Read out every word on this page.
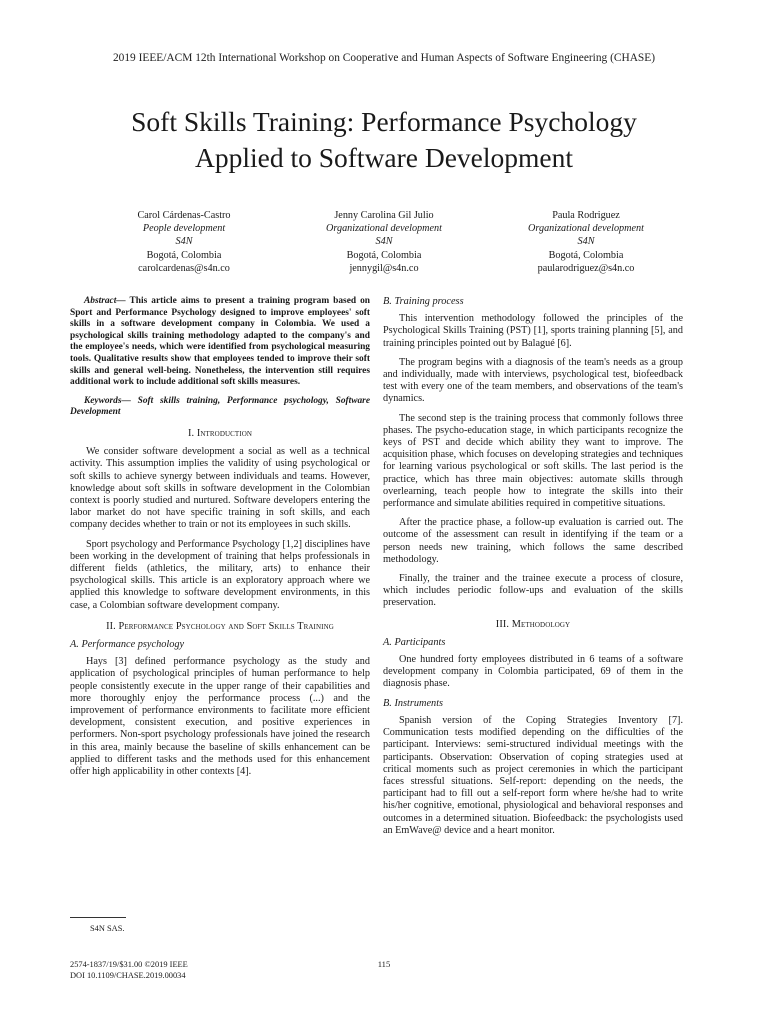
2019 IEEE/ACM 12th International Workshop on Cooperative and Human Aspects of Software Engineering (CHASE)
Soft Skills Training: Performance Psychology
Applied to Software Development
Carol Cárdenas-Castro
People development
S4N
Bogotá, Colombia
carolcardenas@s4n.co
Jenny Carolina Gil Julio
Organizational development
S4N
Bogotá, Colombia
jennygil@s4n.co
Paula Rodriguez
Organizational development
S4N
Bogotá, Colombia
paularodriguez@s4n.co

Abstract— This article aims to present a training program based on Sport and Performance Psychology designed to improve employees' soft skills in a software development company in Colombia. We used a psychological skills training methodology adapted to the company's and the employee's needs, which were identified from psychological measuring tools. Qualitative results show that employees tended to improve their soft skills and general well-being. Nonetheless, the intervention still requires additional work to include additional soft skills measures.

Keywords— Soft skills training, Performance psychology, Software Development

I. Introduction

We consider software development a social as well as a technical activity. This assumption implies the validity of using psychological or soft skills to achieve synergy between individuals and teams. However, knowledge about soft skills in software development in the Colombian context is poorly studied and nurtured. Software developers entering the labor market do not have specific training in soft skills, and each company decides whether to train or not its employees in such skills.

Sport psychology and Performance Psychology [1,2] disciplines have been working in the development of training that helps professionals in different fields (athletics, the military, arts) to enhance their psychological skills. This article is an exploratory approach where we applied this knowledge to software development environments, in this case, a Colombian software development company.

II. Performance Psychology and Soft Skills Training
A. Performance psychology

Hays [3] defined performance psychology as the study and application of psychological principles of human performance to help people consistently execute in the upper range of their capabilities and more thoroughly enjoy the performance process (...) and the improvement of performance environments to facilitate more efficient development, consistent execution, and positive experiences in performers. Non-sport psychology professionals have joined the research in this area, mainly because the baseline of skills enhancement can be applied to different tasks and the methods used for this enhancement offer high applicability in other contexts [4].

S4N SAS.
B. Training process

This intervention methodology followed the principles of the Psychological Skills Training (PST) [1], sports training planning [5], and training principles pointed out by Balagué [6].

The program begins with a diagnosis of the team's needs as a group and individually, made with interviews, psychological test, biofeedback test with every one of the team members, and observations of the team's dynamics.

The second step is the training process that commonly follows three phases. The psycho-education stage, in which participants recognize the keys of PST and decide which ability they want to improve. The acquisition phase, which focuses on developing strategies and techniques for learning various psychological or soft skills. The last period is the practice, which has three main objectives: automate skills through overlearning, teach people how to integrate the skills into their performance and simulate abilities required in competitive situations.

After the practice phase, a follow-up evaluation is carried out. The outcome of the assessment can result in identifying if the team or a person needs new training, which follows the same described methodology.

Finally, the trainer and the trainee execute a process of closure, which includes periodic follow-ups and evaluation of the skills preservation.

III. Methodology
A. Participants

One hundred forty employees distributed in 6 teams of a software development company in Colombia participated, 69 of them in the diagnosis phase.

B. Instruments

Spanish version of the Coping Strategies Inventory [7]. Communication tests modified depending on the difficulties of the participant. Interviews: semi-structured individual meetings with the participants. Observation: Observation of coping strategies used at critical moments such as project ceremonies in which the participant faces stressful situations. Self-report: depending on the needs, the participant had to fill out a self-report form where he/she had to write his/her cognitive, emotional, physiological and behavioral responses and outcomes in a determined situation. Biofeedback: the psychologists used an EmWave@ device and a heart monitor.

2574-1837/19/$31.00 ©2019 IEEE
DOI 10.1109/CHASE.2019.00034
115
